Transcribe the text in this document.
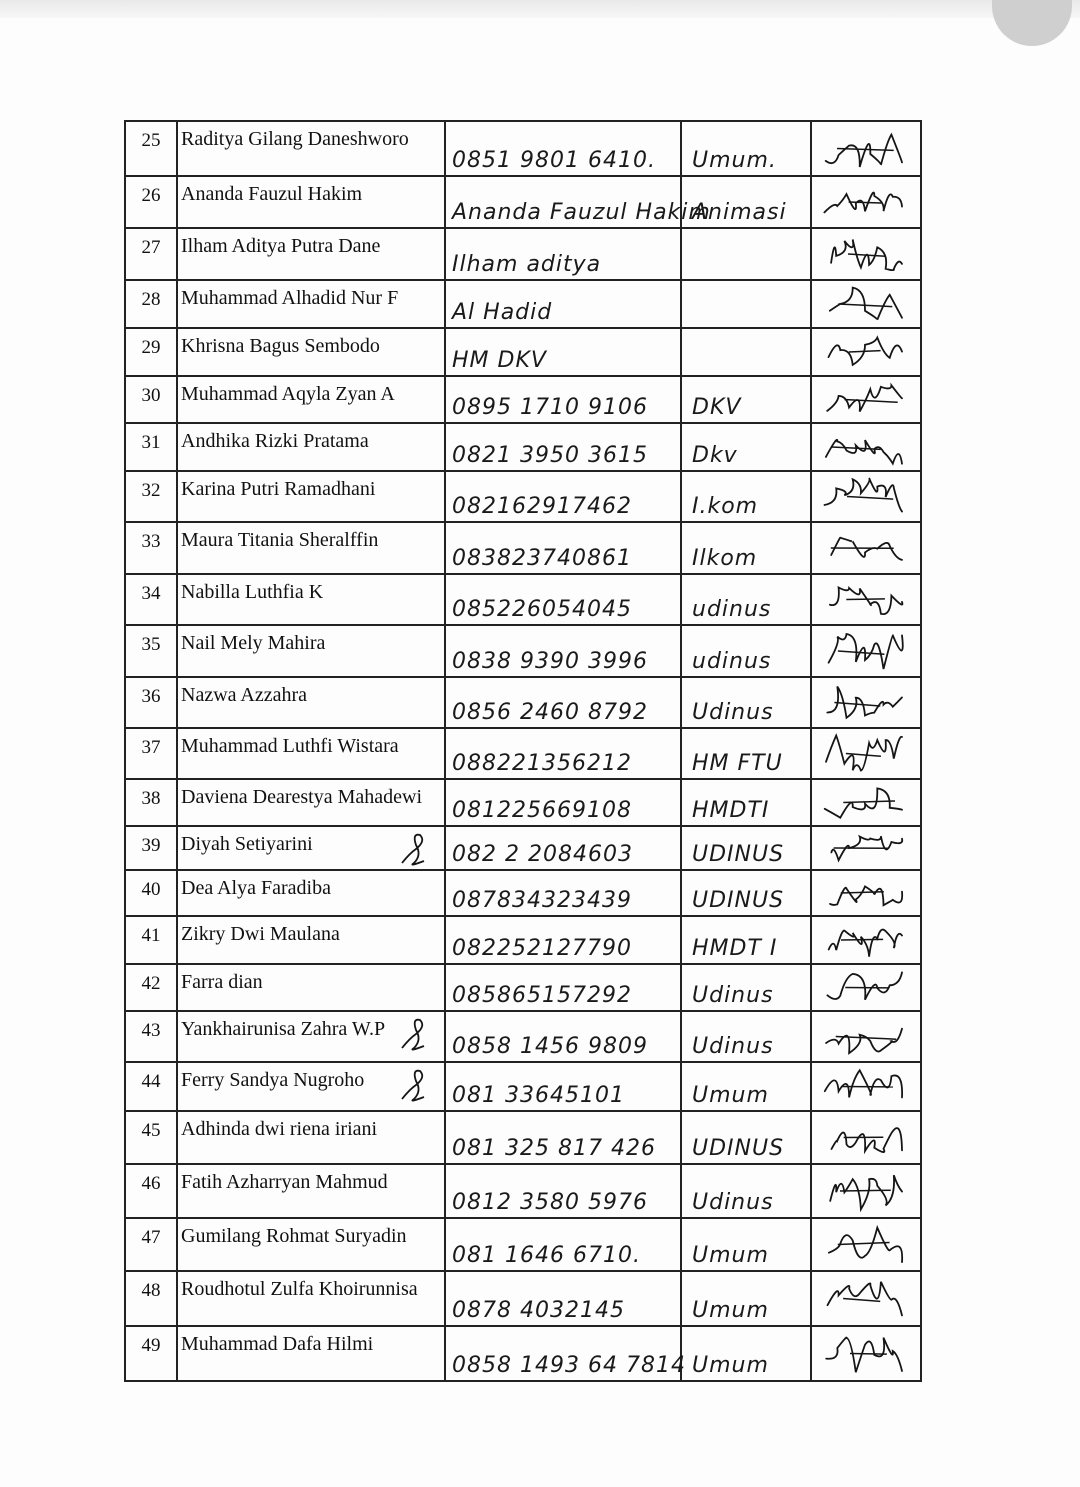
25	Raditya Gilang Daneshworo	0851 9801 6410.	Umum.	

26	Ananda Fauzul Hakim	Ananda Fauzul Hakim	Animasi	

27	Ilham Aditya Putra Dane	Ilham aditya		

28	Muhammad Alhadid Nur F	Al Hadid		

29	Khrisna Bagus Sembodo	HM DKV		

30	Muhammad Aqyla Zyan A	0895 1710 9106	DKV	

31	Andhika Rizki Pratama	0821 3950 3615	Dkv	

32	Karina Putri Ramadhani	082162917462	I.kom	

33	Maura Titania Sheralffin	083823740861	Ilkom	

34	Nabilla Luthfia K	085226054045	udinus	

35	Nail Mely Mahira	0838 9390 3996	udinus	

36	Nazwa Azzahra	0856 2460 8792	Udinus	

37	Muhammad Luthfi Wistara	088221356212	HM FTU	

38	Daviena Dearestya Mahadewi	081225669108	HMDTI	

39	Diyah Setiyarini	082 2 2084603	UDINUS	

40	Dea Alya Faradiba	087834323439	UDINUS	

41	Zikry Dwi Maulana	082252127790	HMDT I	

42	Farra dian	085865157292	Udinus	

43	Yankhairunisa Zahra W.P	0858 1456 9809	Udinus	

44	Ferry Sandya Nugroho	081 33645101	Umum	

45	Adhinda dwi riena iriani	081 325 817 426	UDINUS	

46	Fatih Azharryan Mahmud	0812 3580 5976	Udinus	

47	Gumilang Rohmat Suryadin	081 1646 6710.	Umum	

48	Roudhotul Zulfa Khoirunnisa	0878 4032145	Umum	

49	Muhammad Dafa Hilmi	0858 1493 64 7814	Umum	
